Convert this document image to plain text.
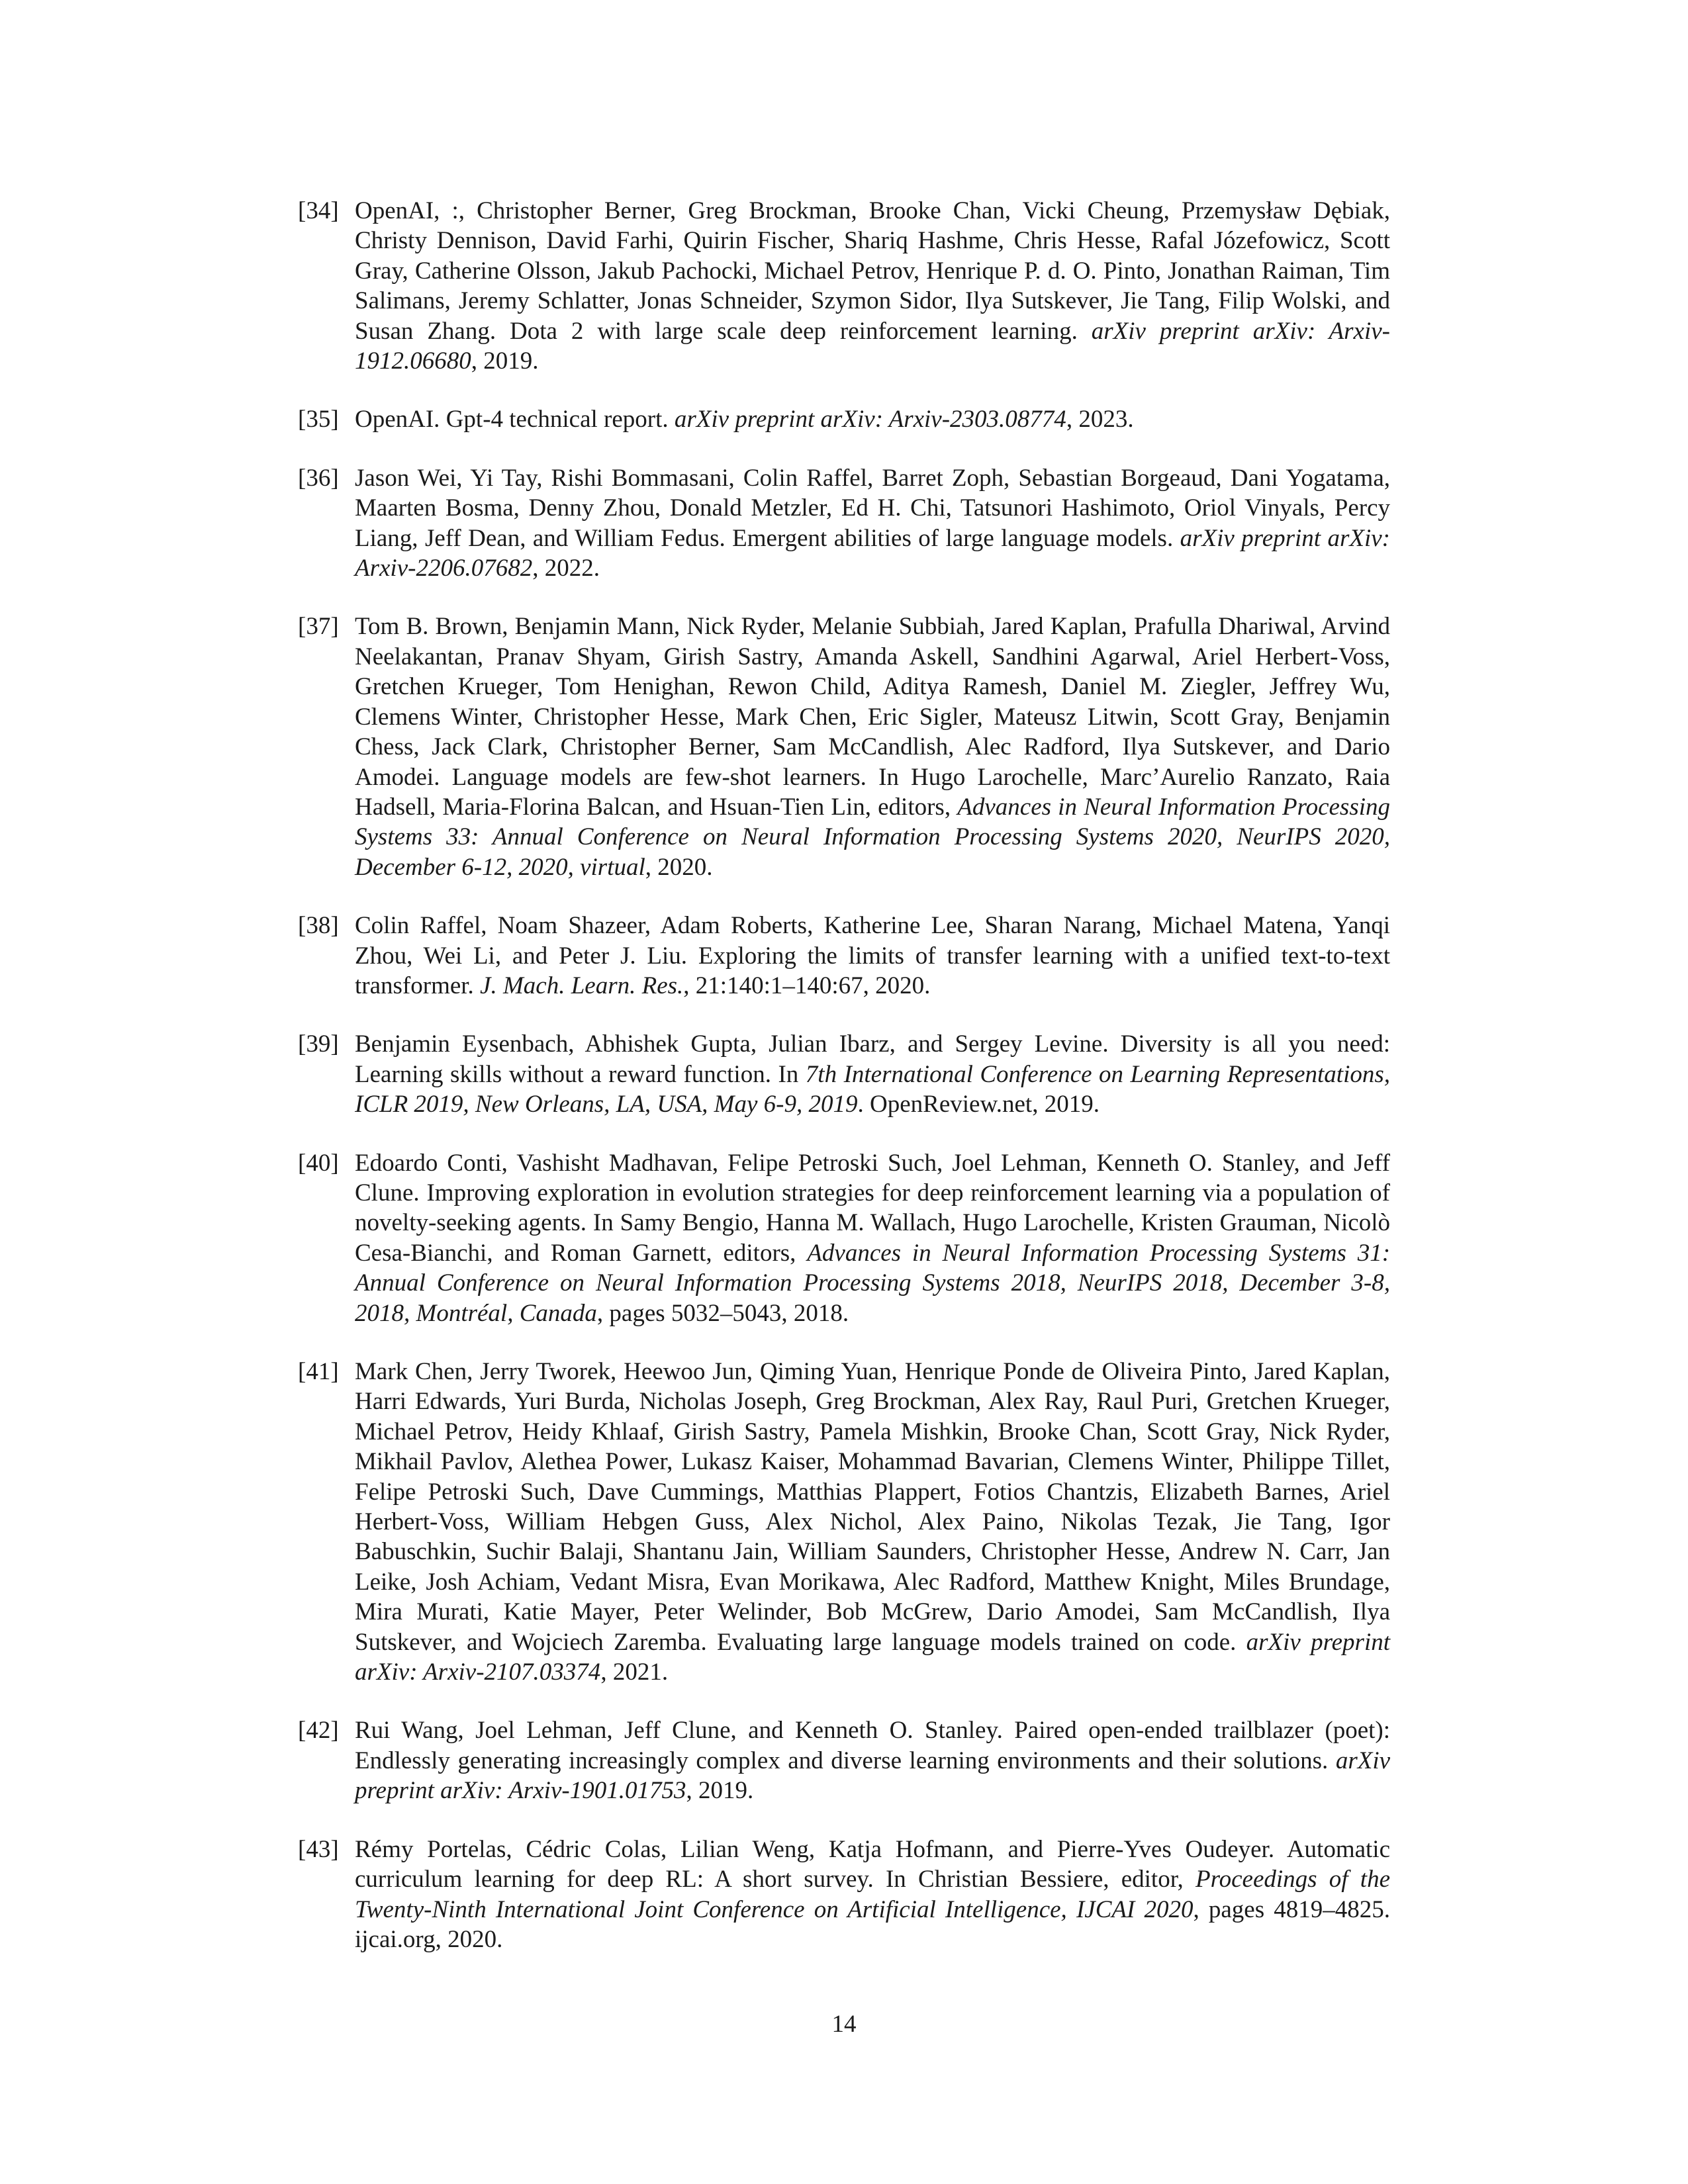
[34] OpenAI, :, Christopher Berner, Greg Brockman, Brooke Chan, Vicki Cheung, Przemysław Dębiak, Christy Dennison, David Farhi, Quirin Fischer, Shariq Hashme, Chris Hesse, Rafal Józefowicz, Scott Gray, Catherine Olsson, Jakub Pachocki, Michael Petrov, Henrique P. d. O. Pinto, Jonathan Raiman, Tim Salimans, Jeremy Schlatter, Jonas Schneider, Szymon Sidor, Ilya Sutskever, Jie Tang, Filip Wolski, and Susan Zhang. Dota 2 with large scale deep reinforcement learning. arXiv preprint arXiv: Arxiv-1912.06680, 2019.
[35] OpenAI. Gpt-4 technical report. arXiv preprint arXiv: Arxiv-2303.08774, 2023.
[36] Jason Wei, Yi Tay, Rishi Bommasani, Colin Raffel, Barret Zoph, Sebastian Borgeaud, Dani Yogatama, Maarten Bosma, Denny Zhou, Donald Metzler, Ed H. Chi, Tatsunori Hashimoto, Oriol Vinyals, Percy Liang, Jeff Dean, and William Fedus. Emergent abilities of large language models. arXiv preprint arXiv: Arxiv-2206.07682, 2022.
[37] Tom B. Brown, Benjamin Mann, Nick Ryder, Melanie Subbiah, Jared Kaplan, Prafulla Dhariwal, Arvind Neelakantan, Pranav Shyam, Girish Sastry, Amanda Askell, Sandhini Agarwal, Ariel Herbert-Voss, Gretchen Krueger, Tom Henighan, Rewon Child, Aditya Ramesh, Daniel M. Ziegler, Jeffrey Wu, Clemens Winter, Christopher Hesse, Mark Chen, Eric Sigler, Mateusz Litwin, Scott Gray, Benjamin Chess, Jack Clark, Christopher Berner, Sam McCandlish, Alec Radford, Ilya Sutskever, and Dario Amodei. Language models are few-shot learners. In Hugo Larochelle, Marc’Aurelio Ranzato, Raia Hadsell, Maria-Florina Balcan, and Hsuan-Tien Lin, editors, Advances in Neural Information Processing Systems 33: Annual Conference on Neural Information Processing Systems 2020, NeurIPS 2020, December 6-12, 2020, virtual, 2020.
[38] Colin Raffel, Noam Shazeer, Adam Roberts, Katherine Lee, Sharan Narang, Michael Matena, Yanqi Zhou, Wei Li, and Peter J. Liu. Exploring the limits of transfer learning with a unified text-to-text transformer. J. Mach. Learn. Res., 21:140:1–140:67, 2020.
[39] Benjamin Eysenbach, Abhishek Gupta, Julian Ibarz, and Sergey Levine. Diversity is all you need: Learning skills without a reward function. In 7th International Conference on Learning Representations, ICLR 2019, New Orleans, LA, USA, May 6-9, 2019. OpenReview.net, 2019.
[40] Edoardo Conti, Vashisht Madhavan, Felipe Petroski Such, Joel Lehman, Kenneth O. Stanley, and Jeff Clune. Improving exploration in evolution strategies for deep reinforcement learning via a population of novelty-seeking agents. In Samy Bengio, Hanna M. Wallach, Hugo Larochelle, Kristen Grauman, Nicolò Cesa-Bianchi, and Roman Garnett, editors, Advances in Neural Information Processing Systems 31: Annual Conference on Neural Information Processing Systems 2018, NeurIPS 2018, December 3-8, 2018, Montréal, Canada, pages 5032–5043, 2018.
[41] Mark Chen, Jerry Tworek, Heewoo Jun, Qiming Yuan, Henrique Ponde de Oliveira Pinto, Jared Kaplan, Harri Edwards, Yuri Burda, Nicholas Joseph, Greg Brockman, Alex Ray, Raul Puri, Gretchen Krueger, Michael Petrov, Heidy Khlaaf, Girish Sastry, Pamela Mishkin, Brooke Chan, Scott Gray, Nick Ryder, Mikhail Pavlov, Alethea Power, Lukasz Kaiser, Mohammad Bavarian, Clemens Winter, Philippe Tillet, Felipe Petroski Such, Dave Cummings, Matthias Plappert, Fotios Chantzis, Elizabeth Barnes, Ariel Herbert-Voss, William Hebgen Guss, Alex Nichol, Alex Paino, Nikolas Tezak, Jie Tang, Igor Babuschkin, Suchir Balaji, Shantanu Jain, William Saunders, Christopher Hesse, Andrew N. Carr, Jan Leike, Josh Achiam, Vedant Misra, Evan Morikawa, Alec Radford, Matthew Knight, Miles Brundage, Mira Murati, Katie Mayer, Peter Welinder, Bob McGrew, Dario Amodei, Sam McCandlish, Ilya Sutskever, and Wojciech Zaremba. Evaluating large language models trained on code. arXiv preprint arXiv: Arxiv-2107.03374, 2021.
[42] Rui Wang, Joel Lehman, Jeff Clune, and Kenneth O. Stanley. Paired open-ended trailblazer (poet): Endlessly generating increasingly complex and diverse learning environments and their solutions. arXiv preprint arXiv: Arxiv-1901.01753, 2019.
[43] Rémy Portelas, Cédric Colas, Lilian Weng, Katja Hofmann, and Pierre-Yves Oudeyer. Automatic curriculum learning for deep RL: A short survey. In Christian Bessiere, editor, Proceedings of the Twenty-Ninth International Joint Conference on Artificial Intelligence, IJCAI 2020, pages 4819–4825. ijcai.org, 2020.
14
